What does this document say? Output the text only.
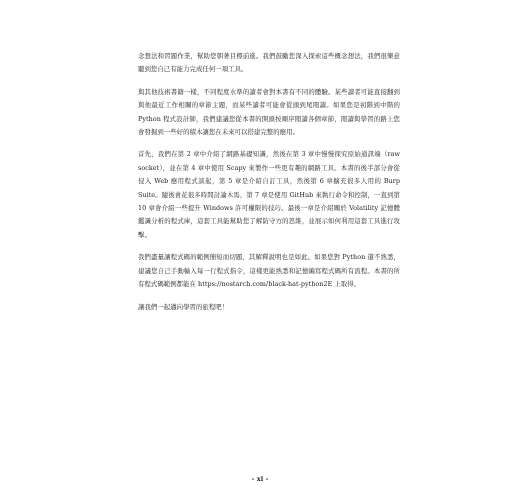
念想法和習題作業，幫助您朝著目標前進。我們鼓勵您深入探索這些概念想法，我們很樂意聽到您自己有能力完成任何一項工具。

與其他技術書籍一樣，不同程度水準的讀者會對本書有不同的體驗。某些讀者可能直接翻到與他最近工作相關的章節主題，而某些讀者可能會從頭到尾閱讀。如果您是初階到中階的 Python 程式設計師，我們建議您從本書的開頭按順序閱讀各個章節，閱讀與學習的路上您會發掘到一些好的積木讓您在未來可以搭建完整的應用。

首先，我們在第 2 章中介紹了網路基礎知識，然後在第 3 章中慢慢探究原始通訊端（raw socket），並在第 4 章中使用 Scapy 來製作一些更有趣的網路工具。本書的後半部分會從侵入 Web 應用程式談起，第 5 章是介紹自訂工具，然後第 6 章擴充很多人用的 Burp Suite。隨後會花很多時間討論木馬，第 7 章是使用 GitHub 來執行命令和控制，一直到第 10 章會介紹一些提升 Windows 許可權限的技巧。最後一章是介紹關於 Volatility 記憶體鑑識分析的程式庫，這套工具能幫助您了解防守方的思維，並展示如何利用這套工具進行攻擊。

我們盡量讓程式碼的範例簡短而切題，其解釋說明也是如此。如果您對 Python 還不熟悉，建議您自己手動輸入每一行程式指令，這樣更能熟悉和記憶編寫程式碼所有流程。本書的所有程式碼範例都能在 https://nostarch.com/black-hat-python2E 上取得。

讓我們一起邁向學習的旅程吧！

- xi -
